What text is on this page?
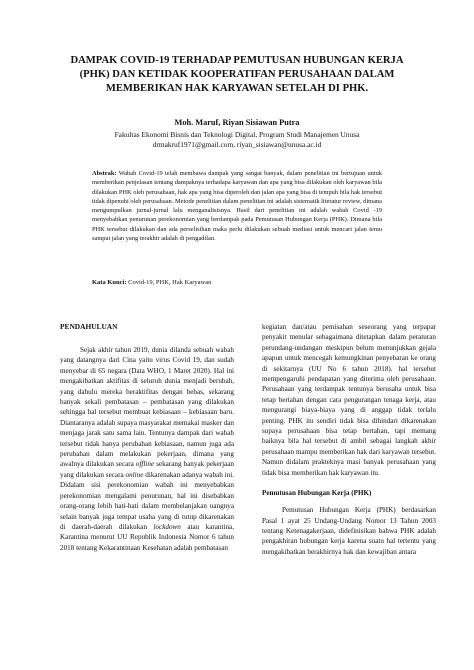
DAMPAK COVID-19 TERHADAP PEMUTUSAN HUBUNGAN KERJA
(PHK) DAN KETIDAK KOOPERATIFAN PERUSAHAAN DALAM
MEMBERIKAN HAK KARYAWAN SETELAH DI PHK.
Moh. Maruf, Riyan Sisiawan Putra
Fakultas Ekonomi Bisnis dan Teknologi Digital, Program Studi Manajemen Unusa
drmakruf1971@gmail.com, riyan_sisiawan@unusa.ac.id
Abstrak: Wabah Covid-19 telah membawa dampak yang sangat banyak, dalam penelitian ini bertujuan untuk memberikan penjelasan tentang dampaknya terhadapa karyawan dan apa yang bisa dilakukan oleh karyawan bila dilakukan PHK oleh perusahaan, hak apa yang bisa diperoleh dan jalan apa yang bisa di tempuh bila hak tersebut tidak dipenuhi oleh perusahaan. Metode penelitian dalam penelitian ini adalah sistematik literatur review, dimana mengumpulkan jurnal-jurnal lalu menganalisisnya. Hasil dari penelitian ini adalah wabah Covid -19 menyebabkan penurunan perekonomian yang berdampak pada Pemutusan Hubungan Kerja (PHK). Dimana bila PHK tersebut dilakukan dan ada perselisihan maka perlu dilakukan sebuah mediasi untuk mencari jalan temu sampai jalan yang terakhir adalah di pengadilan.
Kata Kunci: Covid-19, PHK, Hak Karyawan
PENDAHULUAN

Sejak akhir tahun 2019, dunia dilanda sebuah wabah yang datangnya dari Cina yaitu virus Covid 19, dan sudah menyebar di 65 negara (Data WHO, 1 Maret 2020). Hal ini mengakibatkan aktifitas di seluruh dunia menjadi berubah, yang dahulu mereka beraktifitas dengan bebas, sekarang banyak sekali pembatasan – pembatasan yang dilakukan sehingga hal tersebut membuat kebiasaan – kebiasaan baru. Diantaranya adalah supaya masyarakat memakai masker dan menjaga jarak satu sama lain. Tentunya dampak dari wabah tersebut tidak hanya perubahan kebiasaan, namun juga ada perubahan dalam melakukan pekerjaan, dimana yang awalnya dilakukan secara offline sekarang banyak pekerjaan yang dilakukan secara online dikarenakan adanya wabah ini. Didalam sisi perekonomian wabah ini menyebabkan perekonomian mengalami penurunan, hal ini disebabkan orang-orang lebih hati-hati dalam membelanjakan uangnya selain banyak juga tempat usaha yang di tutup dikarenakan di daerah-daerah dilakukan lockdown atau karantina, Karantina menurut UU Republik Indonesia Nomor 6 tahun 2018 tentang Kekarantinaan Kesehatan adalah pembatasan

kegiatan dan/atau pemisahan seseorang yang terpapar penyakit menular sebagaimana ditetapkan dalam peraturan perundang-undangan meskipun belum menunjukkan gejala apapun untuk mencegah kemungkinan penyebaran ke orang di sekitarnya (UU No 6 tahun 2018). hal tersebut mempengaruhi pendapatan yang diterima oleh perusahaan. Perusahaan yang terdampak tentunya berusaha untuk bisa tetap bertahan dengan cara pengurangan tenaga kerja, atau mengurangi biaya-biaya yang di anggap tidak terlalu penting. PHK itu sendiri tidak bisa dihindari dikarenakan supaya perusahaan bisa tetap bertahan, tapi memang baiknya bila hal tersebut di ambil sebagai langkah akhir perusahaan mampu memberikan hak dari karyawan tersebut. Namun didalam prakteknya masi banyak perusahaan yang tidak bisa memberikan hak karyawan itu.

Pemutusan Hubungan Kerja (PHK)

Pemutusan Hubungan Kerja (PHK) berdasarkan Pasal 1 ayat 25 Undang-Undang Nomor 13 Tahun 2003 tentang Ketenagakerjaan, didefinisikan bahwa PHK adalah pengakhiran hubungan kerja karena suatu hal tertentu yang mengakibatkan berakhirnya hak dan kewajiban antara
